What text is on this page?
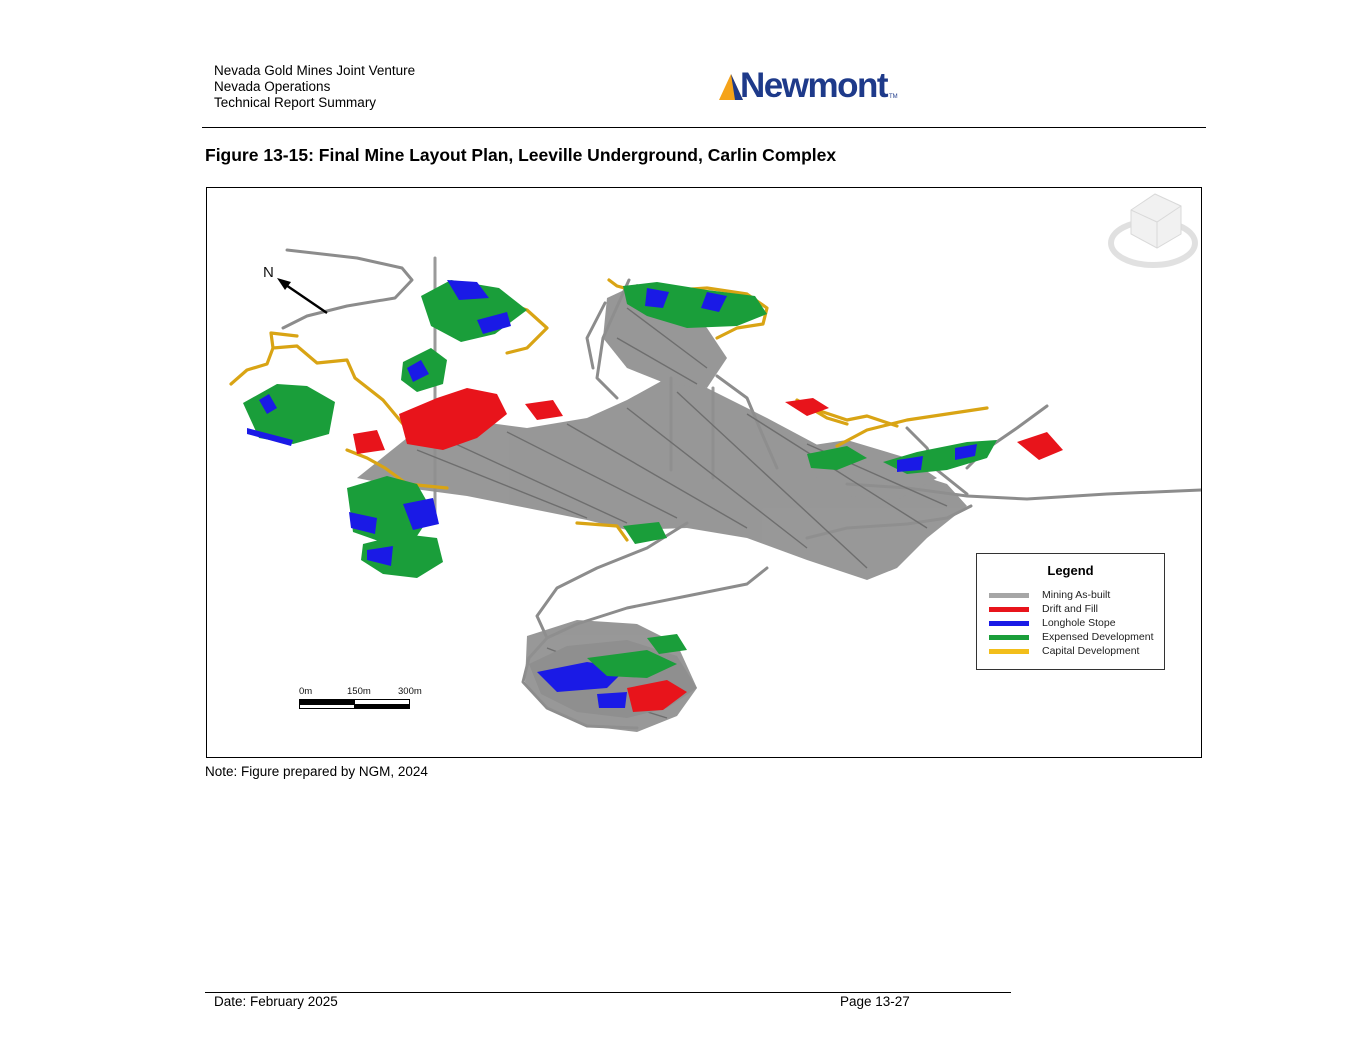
Nevada Gold Mines Joint Venture
Nevada Operations
Technical Report Summary	Newmont TM
Figure 13-15: Final Mine Layout Plan, Leeville Underground, Carlin Complex
N
0m	150m	300m
Legend
Mining As-built
Drift and Fill
Longhole Stope
Expensed Development
Capital Development
Note: Figure prepared by NGM, 2024
Date: February 2025	Page 13-27
